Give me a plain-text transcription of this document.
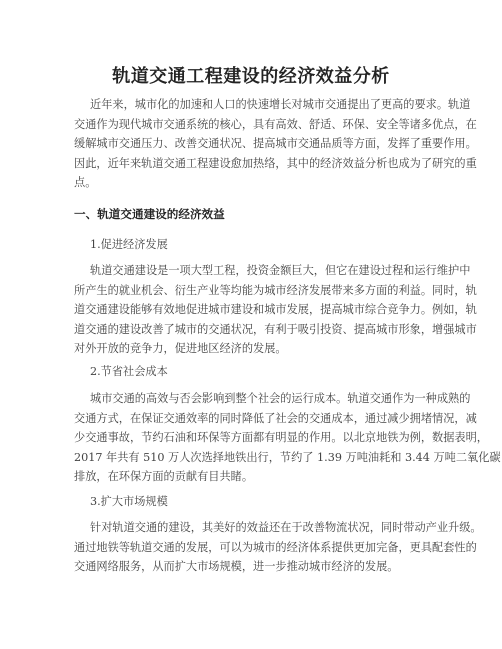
轨道交通工程建设的经济效益分析

近年来，城市化的加速和人口的快速增长对城市交通提出了更高的要求。轨道

交通作为现代城市交通系统的核心，具有高效、舒适、环保、安全等诸多优点，在

缓解城市交通压力、改善交通状况、提高城市交通品质等方面，发挥了重要作用。

因此，近年来轨道交通工程建设愈加热络，其中的经济效益分析也成为了研究的重

点。

一、轨道交通建设的经济效益
1.促进经济发展

轨道交通建设是一项大型工程，投资金额巨大，但它在建设过程和运行维护中

所产生的就业机会、衍生产业等均能为城市经济发展带来多方面的利益。同时，轨

道交通建设能够有效地促进城市建设和城市发展，提高城市综合竞争力。例如，轨

道交通的建设改善了城市的交通状况，有利于吸引投资、提高城市形象，增强城市

对外开放的竞争力，促进地区经济的发展。

2.节省社会成本

城市交通的高效与否会影响到整个社会的运行成本。轨道交通作为一种成熟的

交通方式，在保证交通效率的同时降低了社会的交通成本，通过减少拥堵情况，减

少交通事故，节约石油和环保等方面都有明显的作用。以北京地铁为例，数据表明，

2017 年共有 510 万人次选择地铁出行，节约了 1.39 万吨油耗和 3.44 万吨二氧化碳

排放，在环保方面的贡献有目共睹。

3.扩大市场规模

针对轨道交通的建设，其美好的效益还在于改善物流状况，同时带动产业升级。

通过地铁等轨道交通的发展，可以为城市的经济体系提供更加完备，更具配套性的

交通网络服务，从而扩大市场规模，进一步推动城市经济的发展。
